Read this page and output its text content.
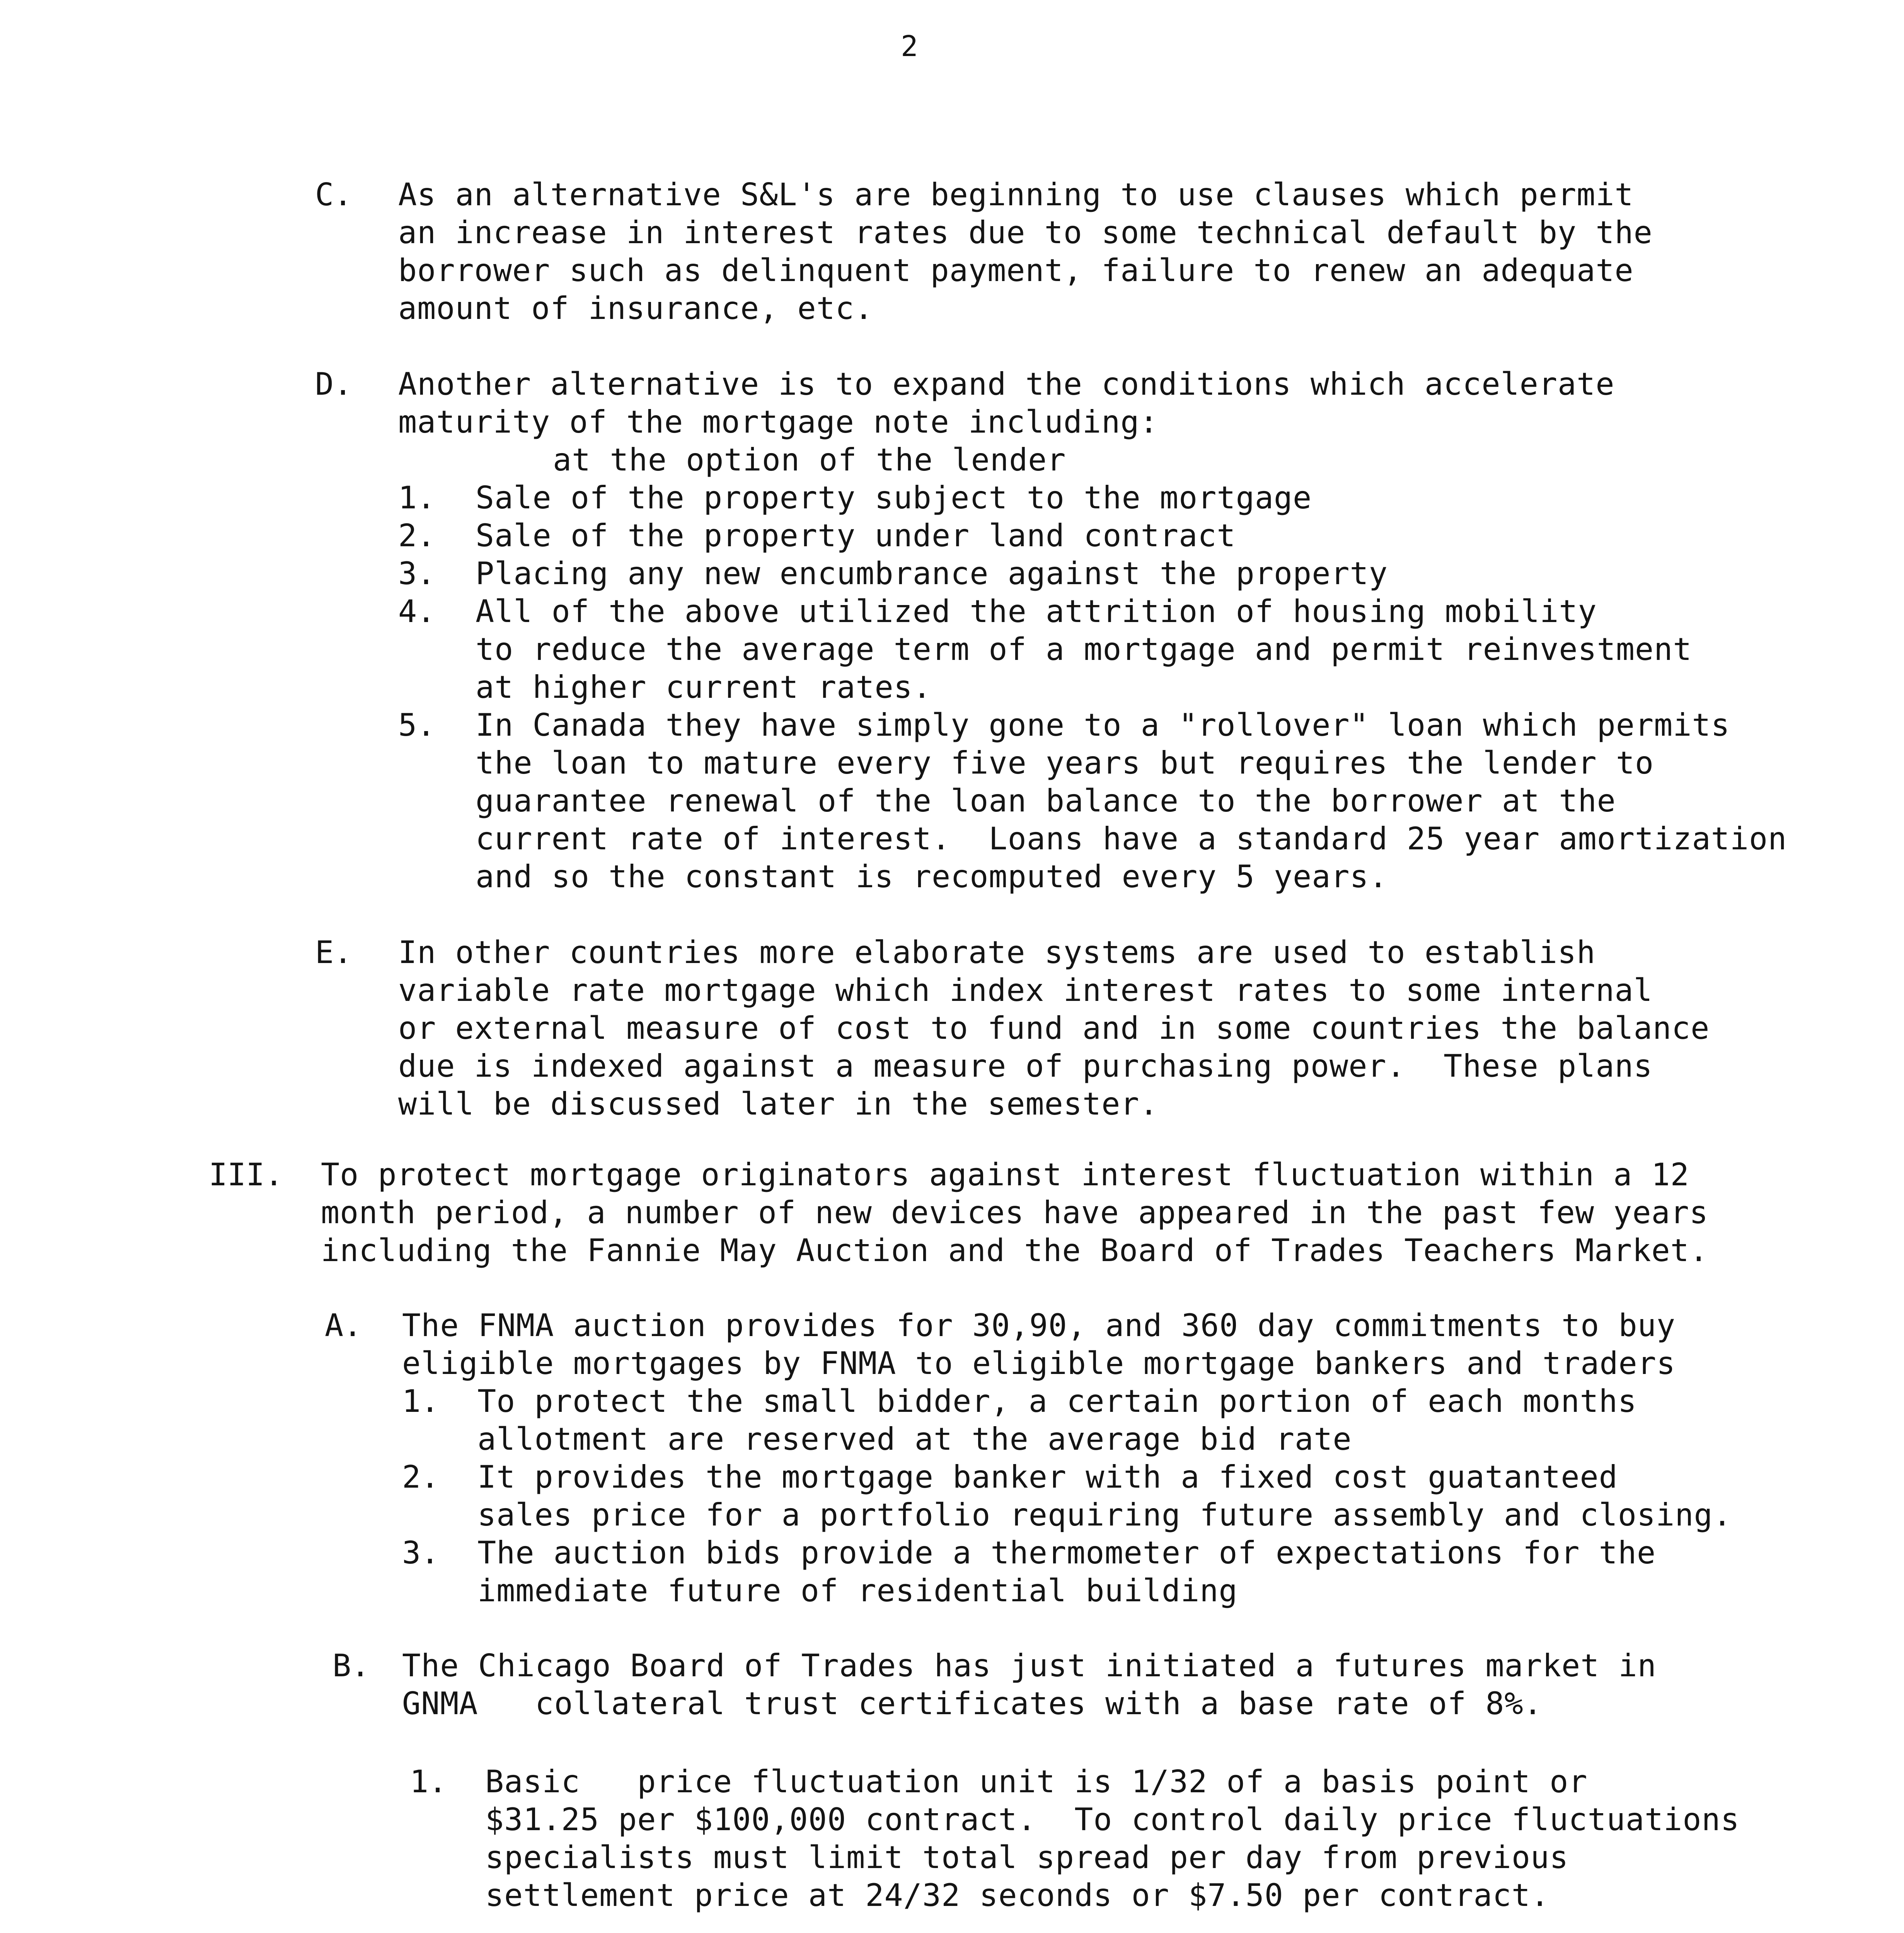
2
C. As an alternative S&L's are beginning to use clauses which permit
an increase in interest rates due to some technical default by the
borrower such as delinquent payment, failure to renew an adequate
amount of insurance, etc.
D. Another alternative is to expand the conditions which accelerate
maturity of the mortgage note including:
at the option of the lender
1. Sale of the property subject to the mortgage
2. Sale of the property under land contract
3. Placing any new encumbrance against the property
4. All of the above utilized the attrition of housing mobility
to reduce the average term of a mortgage and permit reinvestment
at higher current rates.
5. In Canada they have simply gone to a "rollover" loan which permits
the loan to mature every five years but requires the lender to
guarantee renewal of the loan balance to the borrower at the
current rate of interest.  Loans have a standard 25 year amortization
and so the constant is recomputed every 5 years.
E. In other countries more elaborate systems are used to establish
variable rate mortgage which index interest rates to some internal
or external measure of cost to fund and in some countries the balance
due is indexed against a measure of purchasing power.  These plans
will be discussed later in the semester.
III. To protect mortgage originators against interest fluctuation within a 12
month period, a number of new devices have appeared in the past few years
including the Fannie May Auction and the Board of Trades Teachers Market.
A. The FNMA auction provides for 30,90, and 360 day commitments to buy
eligible mortgages by FNMA to eligible mortgage bankers and traders
1. To protect the small bidder, a certain portion of each months
allotment are reserved at the average bid rate
2. It provides the mortgage banker with a fixed cost guatanteed
sales price for a portfolio requiring future assembly and closing.
3. The auction bids provide a thermometer of expectations for the
immediate future of residential building
B. The Chicago Board of Trades has just initiated a futures market in
GNMA   collateral trust certificates with a base rate of 8%.
1. Basic   price fluctuation unit is 1/32 of a basis point or
$31.25 per $100,000 contract.  To control daily price fluctuations
specialists must limit total spread per day from previous
settlement price at 24/32 seconds or $7.50 per contract.
